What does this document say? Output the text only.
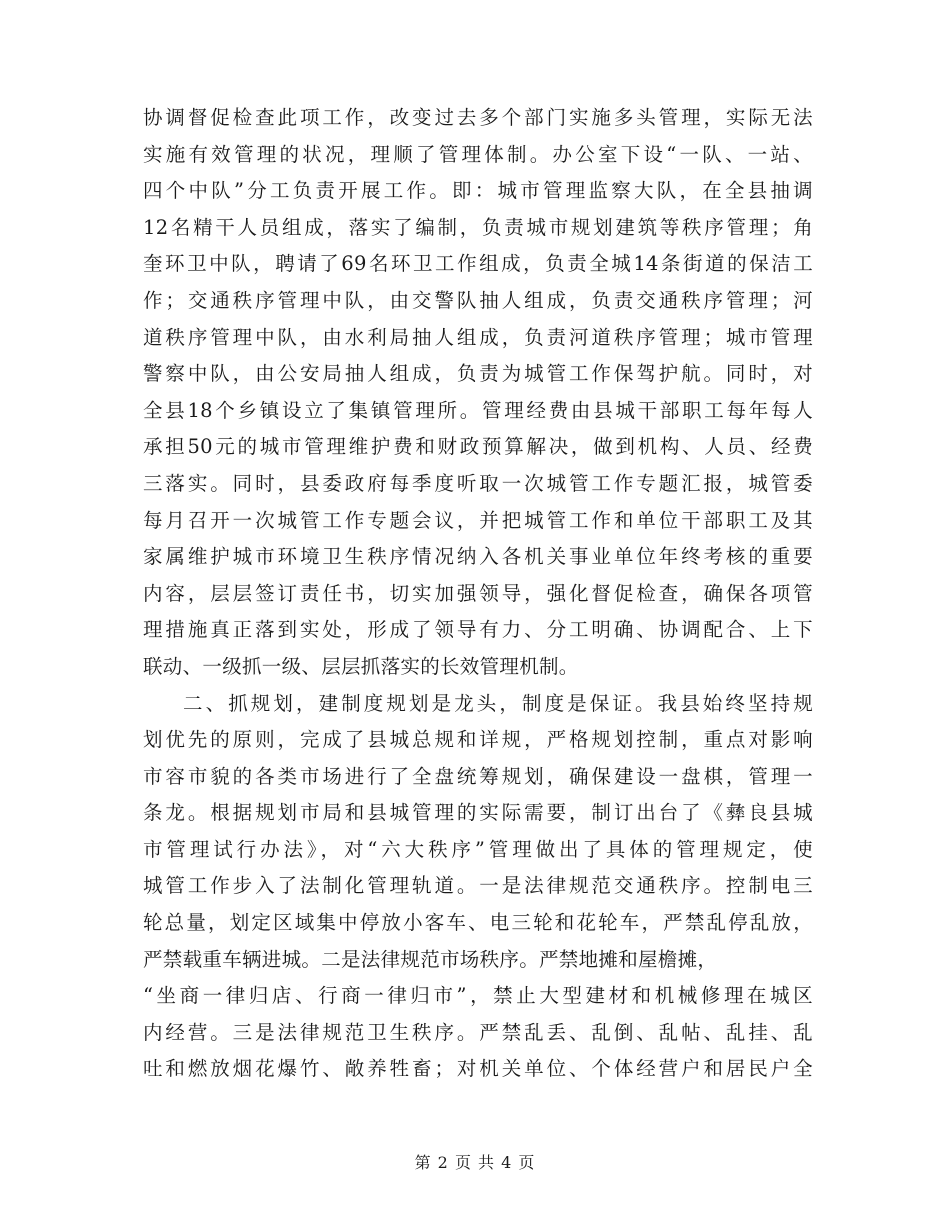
协调督促检查此项工作，改变过去多个部门实施多头管理，实际无法
实施有效管理的状况，理顺了管理体制。办公室下设“一队、一站、
四个中队”分工负责开展工作。即：城市管理监察大队，在全县抽调
12名精干人员组成，落实了编制，负责城市规划建筑等秩序管理；角
奎环卫中队，聘请了69名环卫工作组成，负责全城14条街道的保洁工
作；交通秩序管理中队，由交警队抽人组成，负责交通秩序管理；河
道秩序管理中队，由水利局抽人组成，负责河道秩序管理；城市管理
警察中队，由公安局抽人组成，负责为城管工作保驾护航。同时，对
全县18个乡镇设立了集镇管理所。管理经费由县城干部职工每年每人
承担50元的城市管理维护费和财政预算解决，做到机构、人员、经费
三落实。同时，县委政府每季度听取一次城管工作专题汇报，城管委
每月召开一次城管工作专题会议，并把城管工作和单位干部职工及其
家属维护城市环境卫生秩序情况纳入各机关事业单位年终考核的重要
内容，层层签订责任书，切实加强领导，强化督促检查，确保各项管
理措施真正落到实处，形成了领导有力、分工明确、协调配合、上下
联动、一级抓一级、层层抓落实的长效管理机制。
二、抓规划，建制度规划是龙头，制度是保证。我县始终坚持规
划优先的原则，完成了县城总规和详规，严格规划控制，重点对影响
市容市貌的各类市场进行了全盘统筹规划，确保建设一盘棋，管理一
条龙。根据规划市局和县城管理的实际需要，制订出台了《彝良县城
市管理试行办法》，对“六大秩序”管理做出了具体的管理规定，使
城管工作步入了法制化管理轨道。一是法律规范交通秩序。控制电三
轮总量，划定区域集中停放小客车、电三轮和花轮车，严禁乱停乱放，
严禁载重车辆进城。二是法律规范市场秩序。严禁地摊和屋檐摊，
“坐商一律归店、行商一律归市”，禁止大型建材和机械修理在城区
内经营。三是法律规范卫生秩序。严禁乱丢、乱倒、乱帖、乱挂、乱
吐和燃放烟花爆竹、敞养牲畜；对机关单位、个体经营户和居民户全
第 2 页 共 4 页
